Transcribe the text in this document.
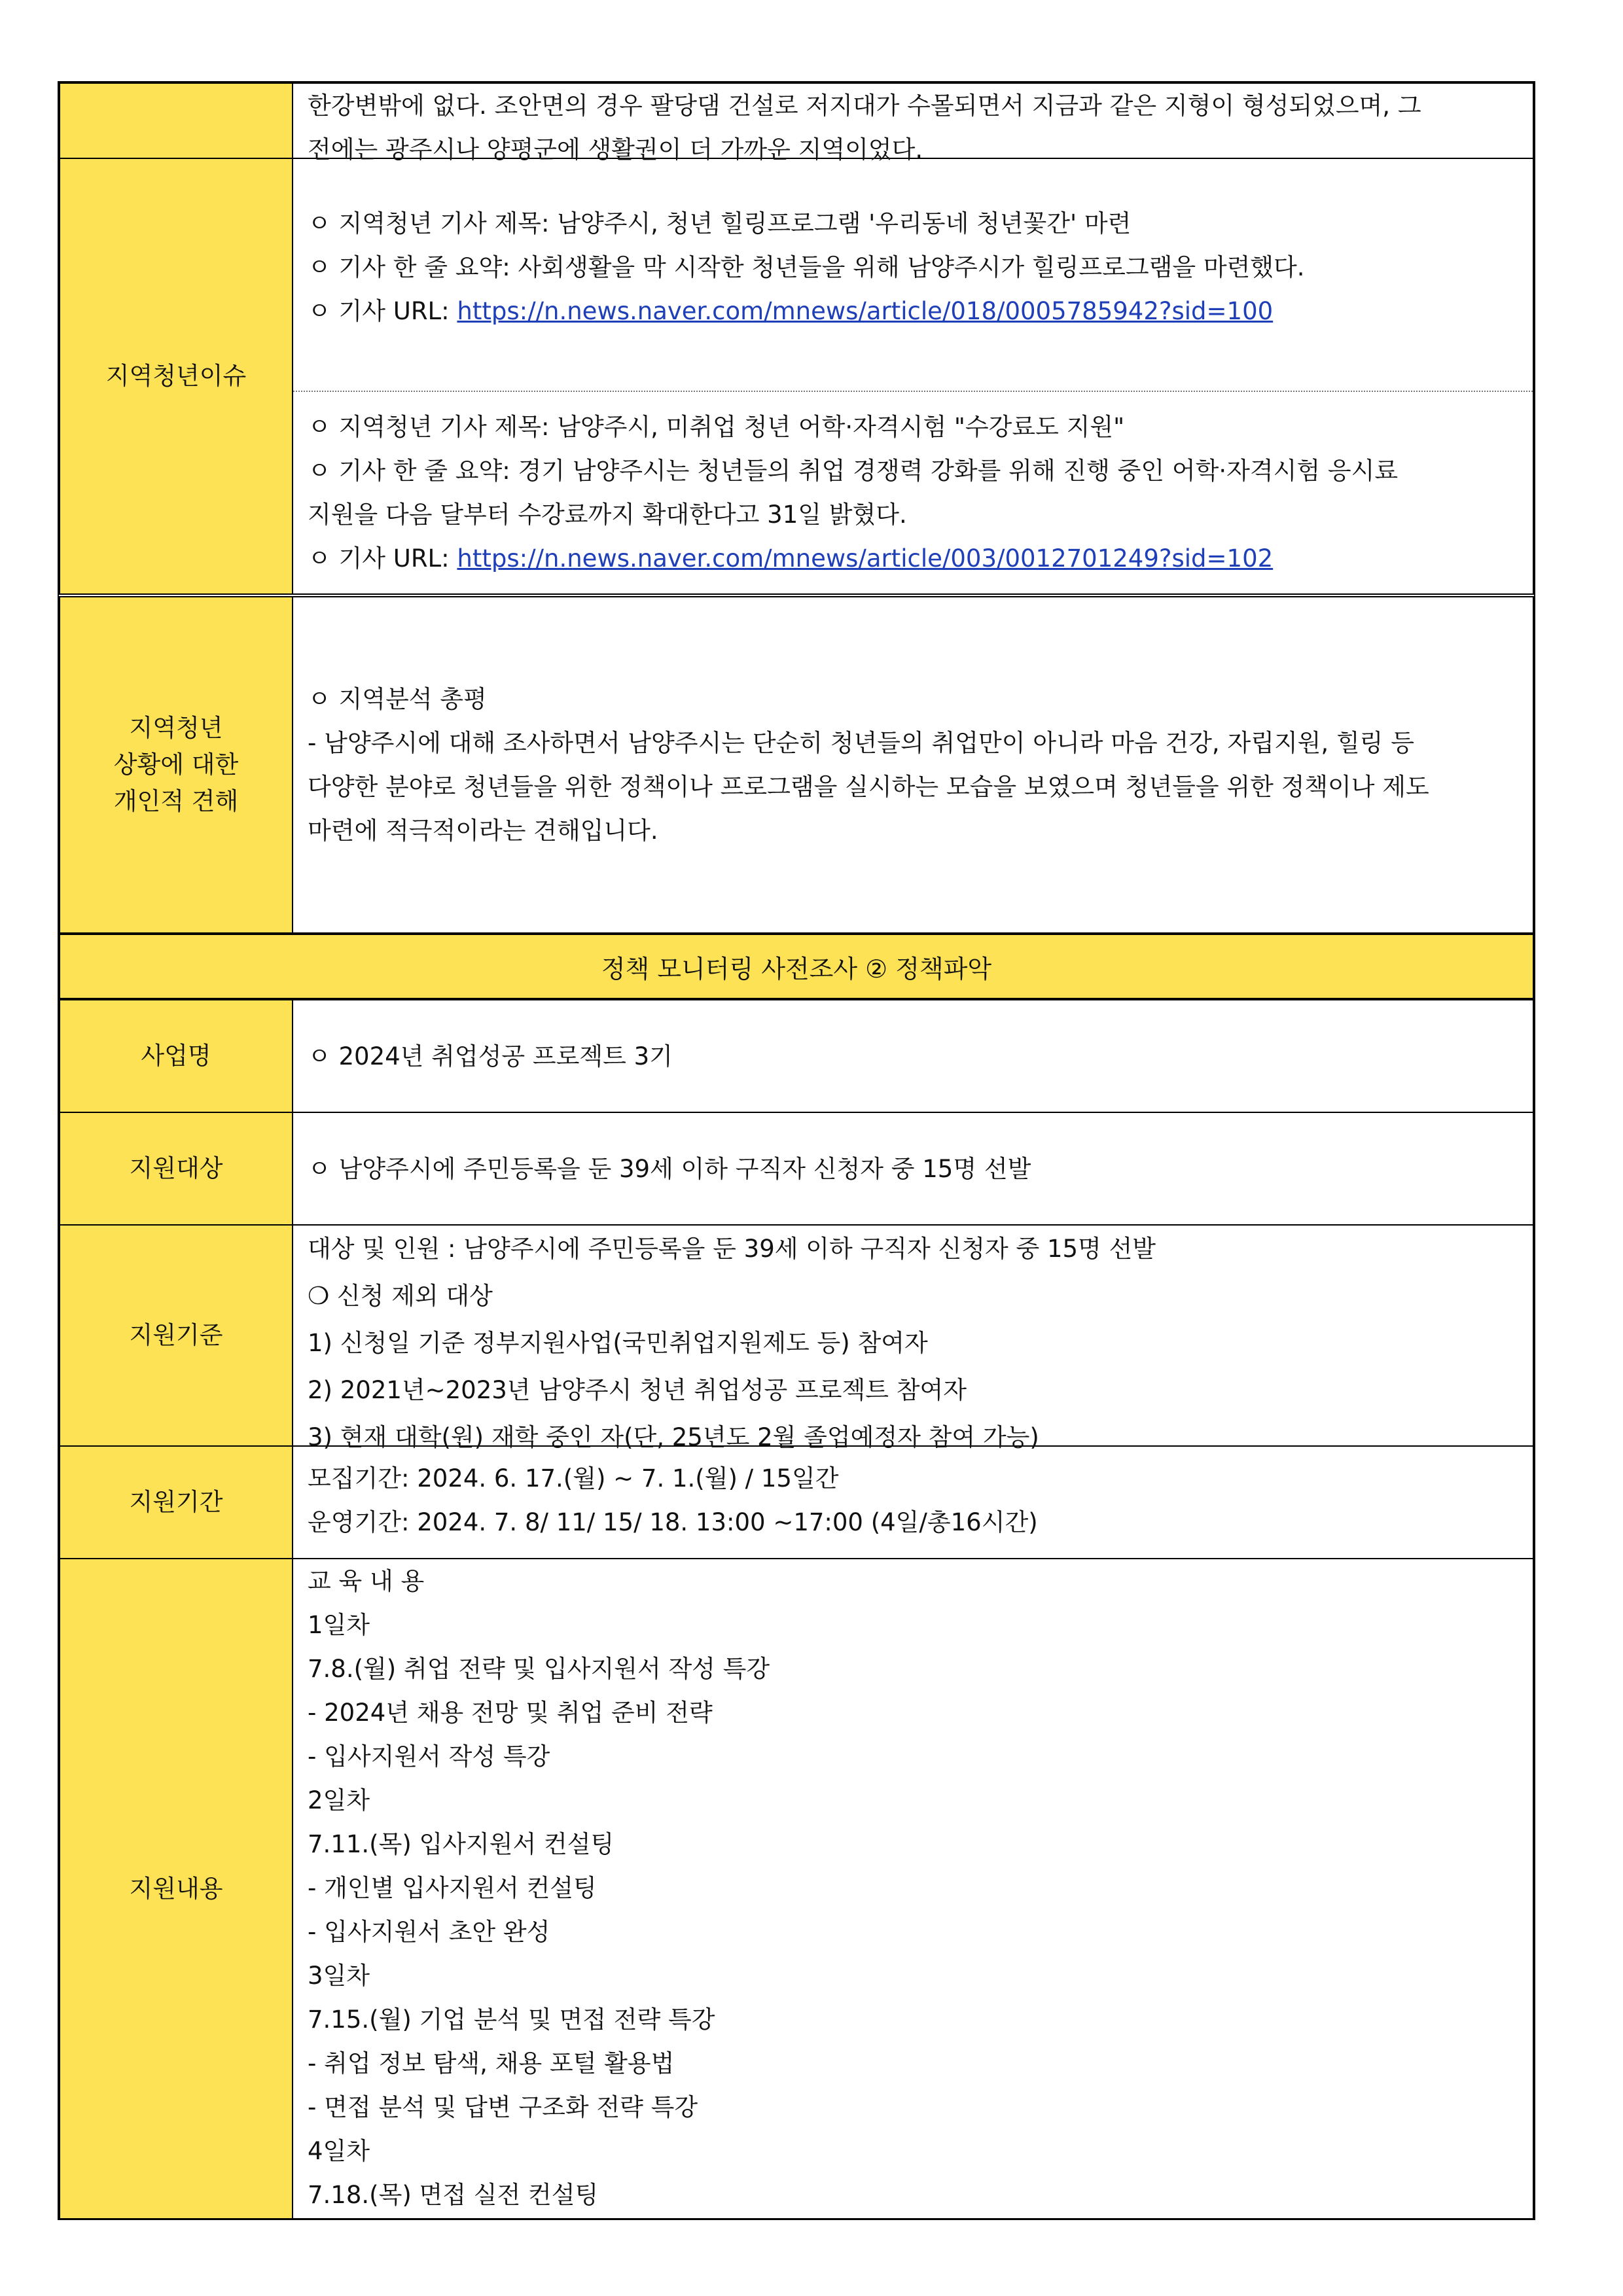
한강변밖에 없다. 조안면의 경우 팔당댐 건설로 저지대가 수몰되면서 지금과 같은 지형이 형성되었으며, 그
전에는 광주시나 양평군에 생활권이 더 가까운 지역이었다.
지역청년이슈
ㅇ 지역청년 기사 제목: 남양주시, 청년 힐링프로그램 '우리동네 청년꽃간' 마련
ㅇ 기사 한 줄 요약: 사회생활을 막 시작한 청년들을 위해 남양주시가 힐링프로그램을 마련했다.
ㅇ 기사 URL: https://n.news.naver.com/mnews/article/018/0005785942?sid=100
ㅇ 지역청년 기사 제목: 남양주시, 미취업 청년 어학·자격시험 "수강료도 지원"
ㅇ 기사 한 줄 요약: 경기 남양주시는 청년들의 취업 경쟁력 강화를 위해 진행 중인 어학·자격시험 응시료
지원을 다음 달부터 수강료까지 확대한다고 31일 밝혔다.
ㅇ 기사 URL: https://n.news.naver.com/mnews/article/003/0012701249?sid=102
지역청년
상황에 대한
개인적 견해
ㅇ 지역분석 총평
- 남양주시에 대해 조사하면서 남양주시는 단순히 청년들의 취업만이 아니라 마음 건강, 자립지원, 힐링 등
다양한 분야로 청년들을 위한 정책이나 프로그램을 실시하는 모습을 보였으며 청년들을 위한 정책이나 제도
마련에 적극적이라는 견해입니다.
정책 모니터링 사전조사 ② 정책파악
사업명	ㅇ 2024년 취업성공 프로젝트 3기
지원대상	ㅇ 남양주시에 주민등록을 둔 39세 이하 구직자 신청자 중 15명 선발
지원기준
대상 및 인원 : 남양주시에 주민등록을 둔 39세 이하 구직자 신청자 중 15명 선발
❍ 신청 제외 대상
1) 신청일 기준 정부지원사업(국민취업지원제도 등) 참여자
2) 2021년~2023년 남양주시 청년 취업성공 프로젝트 참여자
3) 현재 대학(원) 재학 중인 자(단, 25년도 2월 졸업예정자 참여 가능)
지원기간
모집기간: 2024. 6. 17.(월) ~ 7. 1.(월) / 15일간
운영기간: 2024. 7. 8/ 11/ 15/ 18. 13:00 ~17:00 (4일/총16시간)
지원내용
교 육 내 용
1일차
7.8.(월) 취업 전략 및 입사지원서 작성 특강
- 2024년 채용 전망 및 취업 준비 전략
- 입사지원서 작성 특강
2일차
7.11.(목) 입사지원서 컨설팅
- 개인별 입사지원서 컨설팅
- 입사지원서 초안 완성
3일차
7.15.(월) 기업 분석 및 면접 전략 특강
- 취업 정보 탐색, 채용 포털 활용법
- 면접 분석 및 답변 구조화 전략 특강
4일차
7.18.(목) 면접 실전 컨설팅
